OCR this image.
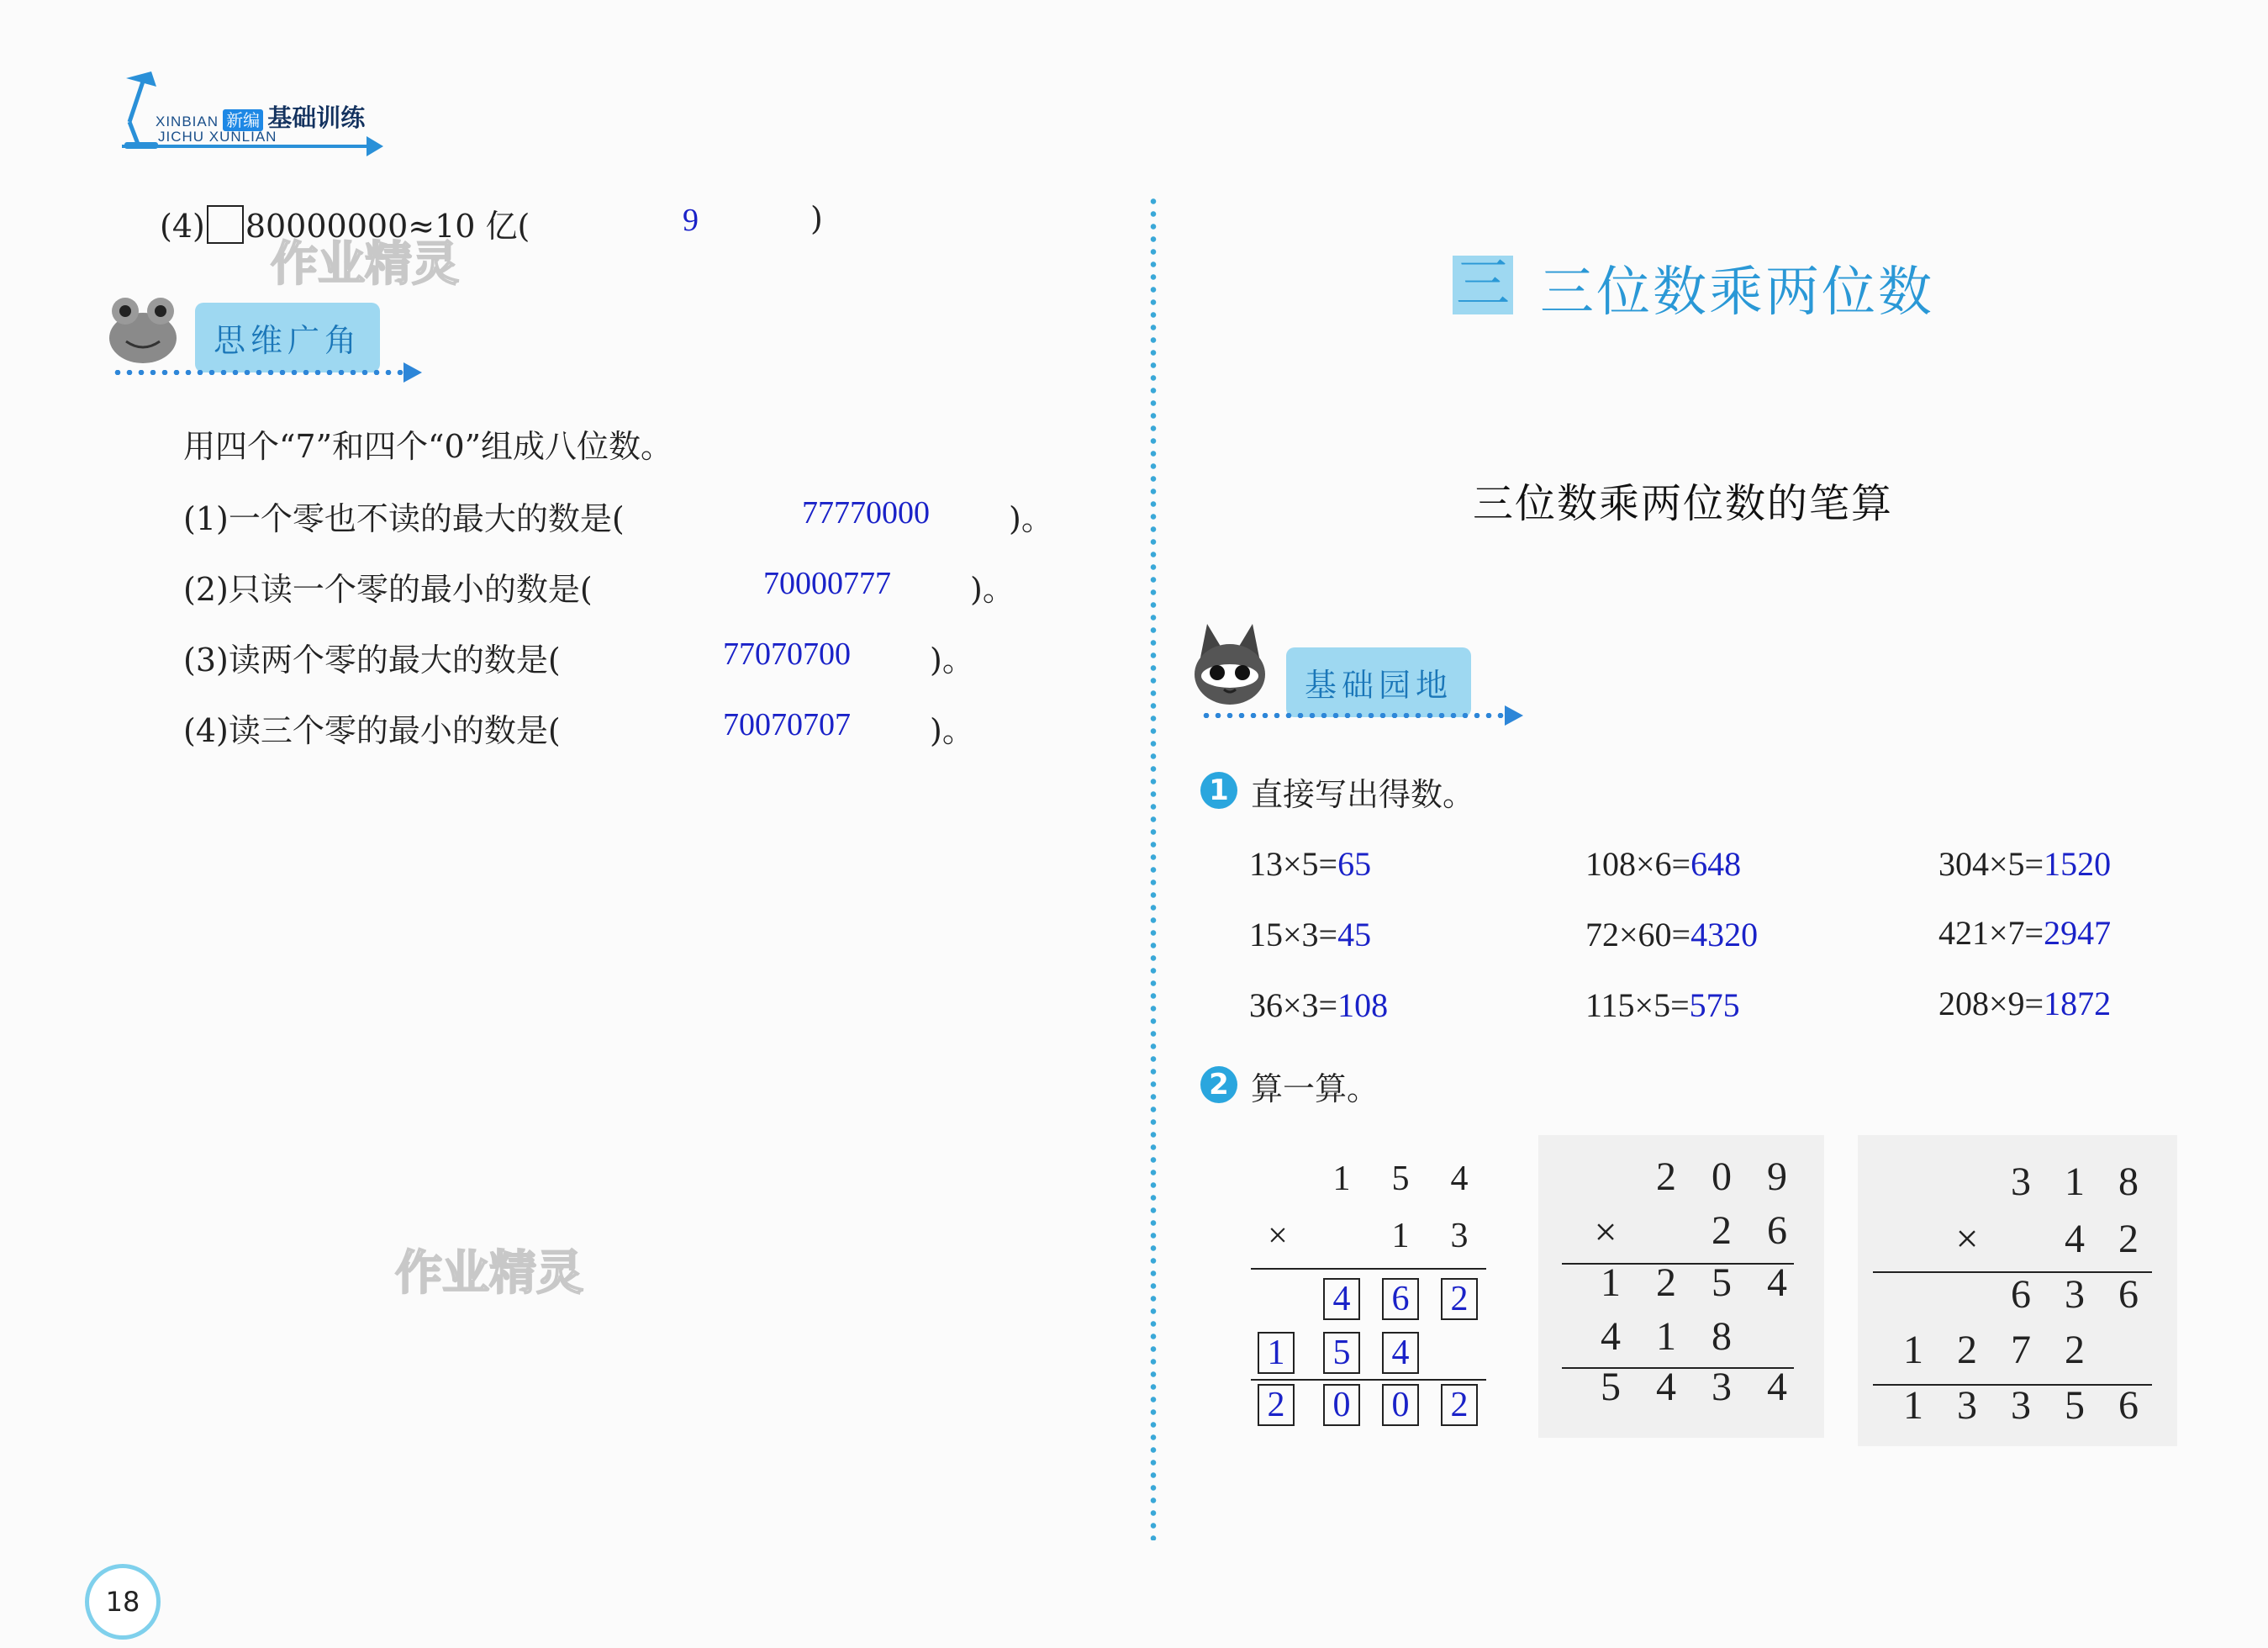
XINBIAN 新编 基础训练
JICHU XUNLIAN
(4) 80000000≈10 亿(	9	)
作业精灵
思维广角
用四个“7”和四个“0”组成八位数。
(1)一个零也不读的最大的数是(	77770000 )。
(2)只读一个零的最小的数是(	70000777 )。
(3)读两个零的最大的数是(	77070700 )。
(4)读三个零的最小的数是(	70070707 )。
作业精灵
18
三 三位数乘两位数
三位数乘两位数的笔算
基础园地
1 直接写出得数。
13×5=65	108×6=648	304×5=1520
15×3=45	72×60=4320	421×7=2947
36×3=108	115×5=575	208×9=1872
2 算一算。
1 5 4
×	1 3
4 6 2
1 5 4
2 0 0 2
2 0 9
× 2 6
1 2 5 4
4 1 8
5 4 3 4
3 1 8
× 4 2
6 3 6
1 2 7 2
1 3 3 5 6
